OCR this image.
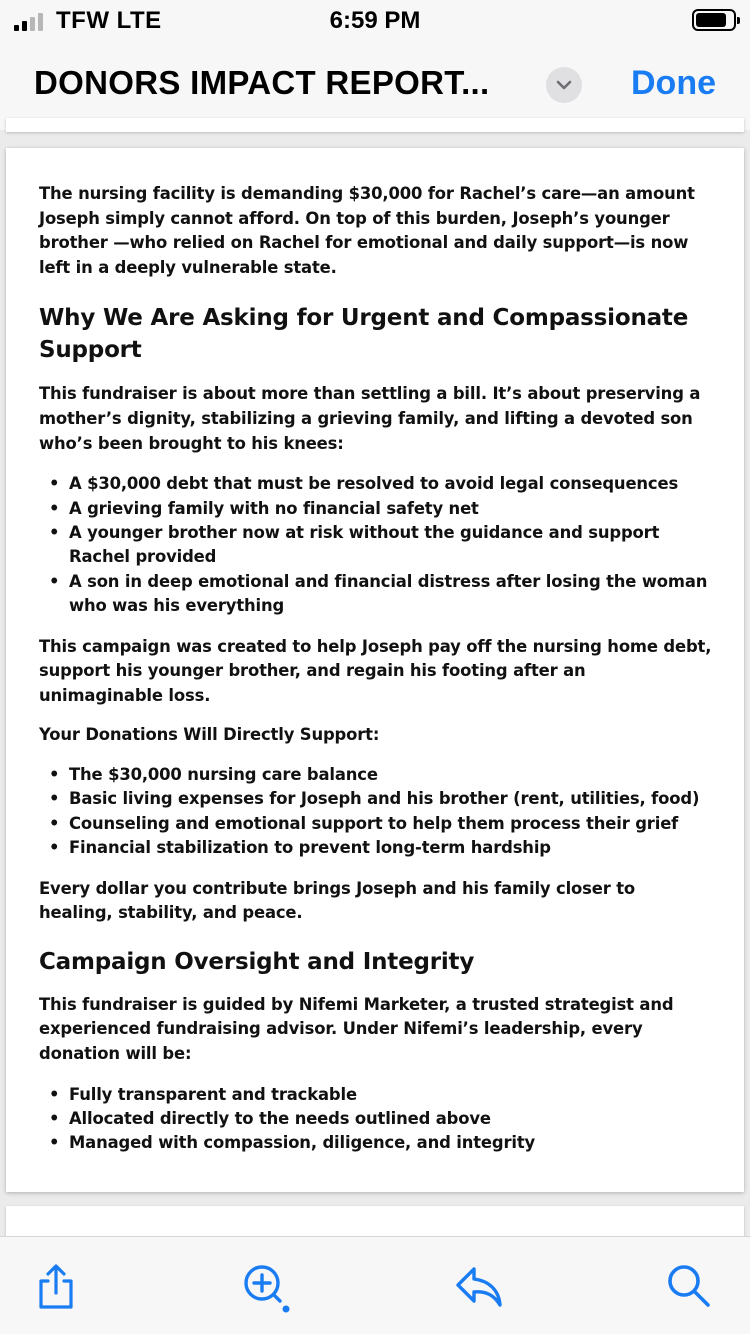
TFW LTE	6:59 PM
DONORS IMPACT REPORT...	Done

The nursing facility is demanding $30,000 for Rachel’s care—an amount Joseph simply cannot afford. On top of this burden, Joseph’s younger brother —who relied on Rachel for emotional and daily support—is now left in a deeply vulnerable state.

Why We Are Asking for Urgent and Compassionate Support

This fundraiser is about more than settling a bill. It’s about preserving a mother’s dignity, stabilizing a grieving family, and lifting a devoted son who’s been brought to his knees:

• A $30,000 debt that must be resolved to avoid legal consequences
• A grieving family with no financial safety net
• A younger brother now at risk without the guidance and support Rachel provided
• A son in deep emotional and financial distress after losing the woman who was his everything

This campaign was created to help Joseph pay off the nursing home debt, support his younger brother, and regain his footing after an unimaginable loss.

Your Donations Will Directly Support:

• The $30,000 nursing care balance
• Basic living expenses for Joseph and his brother (rent, utilities, food)
• Counseling and emotional support to help them process their grief
• Financial stabilization to prevent long-term hardship

Every dollar you contribute brings Joseph and his family closer to healing, stability, and peace.

Campaign Oversight and Integrity

This fundraiser is guided by Nifemi Marketer, a trusted strategist and experienced fundraising advisor. Under Nifemi’s leadership, every donation will be:

• Fully transparent and trackable
• Allocated directly to the needs outlined above
• Managed with compassion, diligence, and integrity
